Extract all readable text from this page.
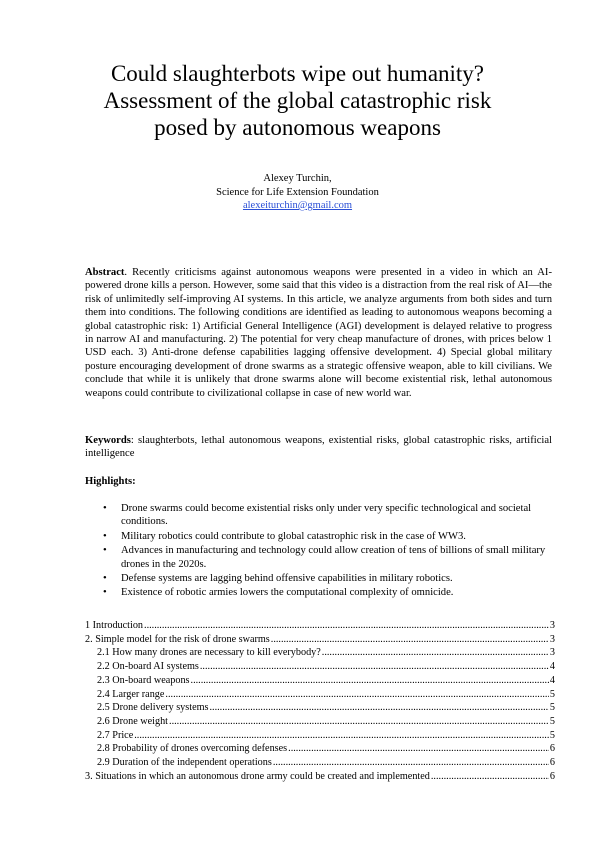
Could slaughterbots wipe out humanity?
Assessment of the global catastrophic risk
posed by autonomous weapons
Alexey Turchin,
Science for Life Extension Foundation
alexeiturchin@gmail.com
Abstract. Recently criticisms against autonomous weapons were presented in a video in which an AI-powered drone kills a person. However, some said that this video is a distraction from the real risk of AI—the risk of unlimitedly self-improving AI systems. In this article, we analyze arguments from both sides and turn them into conditions. The following conditions are identified as leading to autonomous weapons becoming a global catastrophic risk: 1) Artificial General Intelligence (AGI) development is delayed relative to progress in narrow AI and manufacturing. 2) The potential for very cheap manufacture of drones, with prices below 1 USD each. 3) Anti-drone defense capabilities lagging offensive development. 4) Special global military posture encouraging development of drone swarms as a strategic offensive weapon, able to kill civilians. We conclude that while it is unlikely that drone swarms alone will become existential risk, lethal autonomous weapons could contribute to civilizational collapse in case of new world war.
Keywords: slaughterbots, lethal autonomous weapons, existential risks, global catastrophic risks, artificial intelligence
Highlights:
• Drone swarms could become existential risks only under very specific technological and societal conditions.
• Military robotics could contribute to global catastrophic risk in the case of WW3.
• Advances in manufacturing and technology could allow creation of tens of billions of small military drones in the 2020s.
• Defense systems are lagging behind offensive capabilities in military robotics.
• Existence of robotic armies lowers the computational complexity of omnicide.
1 Introduction .....	3
2. Simple model for the risk of drone swarms .....	3
2.1 How many drones are necessary to kill everybody? .....	3
2.2 On-board AI systems .....	4
2.3 On-board weapons .....	4
2.4 Larger range .....	5
2.5 Drone delivery systems .....	5
2.6 Drone weight .....	5
2.7 Price .....	5
2.8 Probability of drones overcoming defenses .....	6
2.9 Duration of the independent operations .....	6
3. Situations in which an autonomous drone army could be created and implemented .....	6
